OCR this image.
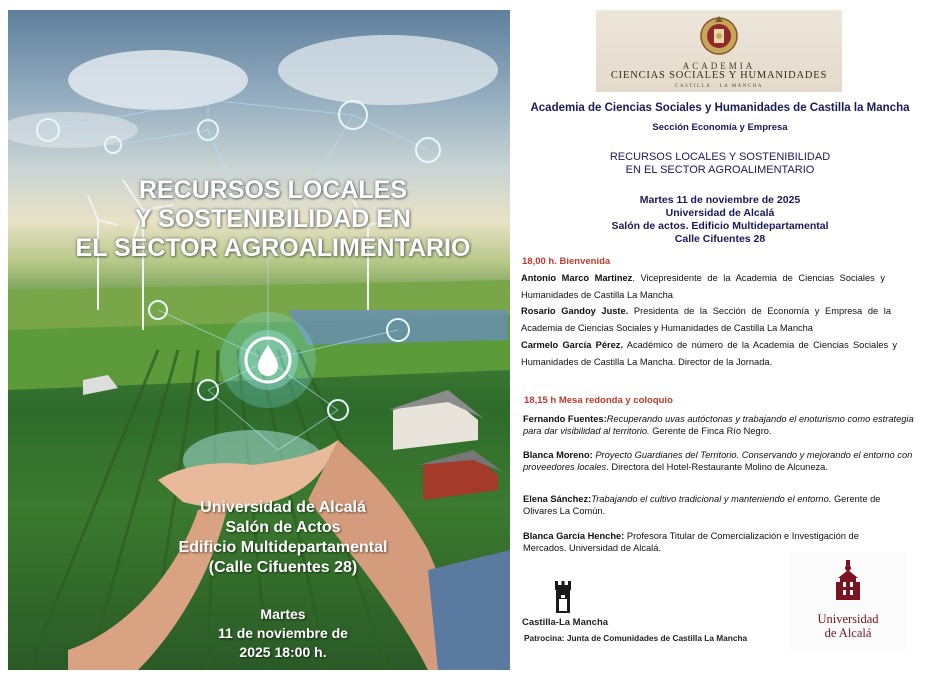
RECURSOS LOCALES
Y SOSTENIBILIDAD EN
EL SECTOR AGROALIMENTARIO
Universidad de Alcalá
Salón de Actos
Edificio Multidepartamental
(Calle Cifuentes 28)
Martes
11 de noviembre de
2025 18:00 h.
ACADEMIA
CIENCIAS SOCIALES Y HUMANIDADES
CASTILLA · LA MANCHA
Academia de Ciencias Sociales y Humanidades de Castilla la Mancha
Sección Economía y Empresa
RECURSOS LOCALES Y SOSTENIBILIDAD
EN EL SECTOR AGROALIMENTARIO
Martes 11 de noviembre de 2025
Universidad de Alcalá
Salón de actos. Edificio Multidepartamental
Calle Cifuentes 28
18,00 h. Bienvenida
Antonio Marco Martinez. Vicepresidente de la Academia de Ciencias Sociales y Humanidades de Castilla La Mancha
Rosario Gandoy Juste. Presidenta de la Sección de Economía y Empresa de la Academia de Ciencias Sociales y Humanidades de Castilla La Mancha
Carmelo García Pérez. Académico de número de la Academia de Ciencias Sociales y Humanidades de Castilla La Mancha. Director de la Jornada.
18,15 h Mesa redonda y coloquio
Fernando Fuentes:Recuperando uvas autóctonas y trabajando el enoturismo como estrategia para dar visibilidad al territorio. Gerente de Finca Río Negro.
Blanca Moreno: Proyecto Guardianes del Territorio. Conservando y mejorando el entorno con proveedores locales. Directora del Hotel-Restaurante Molino de Alcuneza.
Elena Sánchez:Trabajando el cultivo tradicional y manteniendo el entorno. Gerente de Olivares La Común.
Blanca García Henche: Profesora Titular de Comercialización e Investigación de Mercados. Universidad de Alcalá.
Castilla-La Mancha
Patrocina: Junta de Comunidades de Castilla La Mancha
Universidad
de Alcalá
